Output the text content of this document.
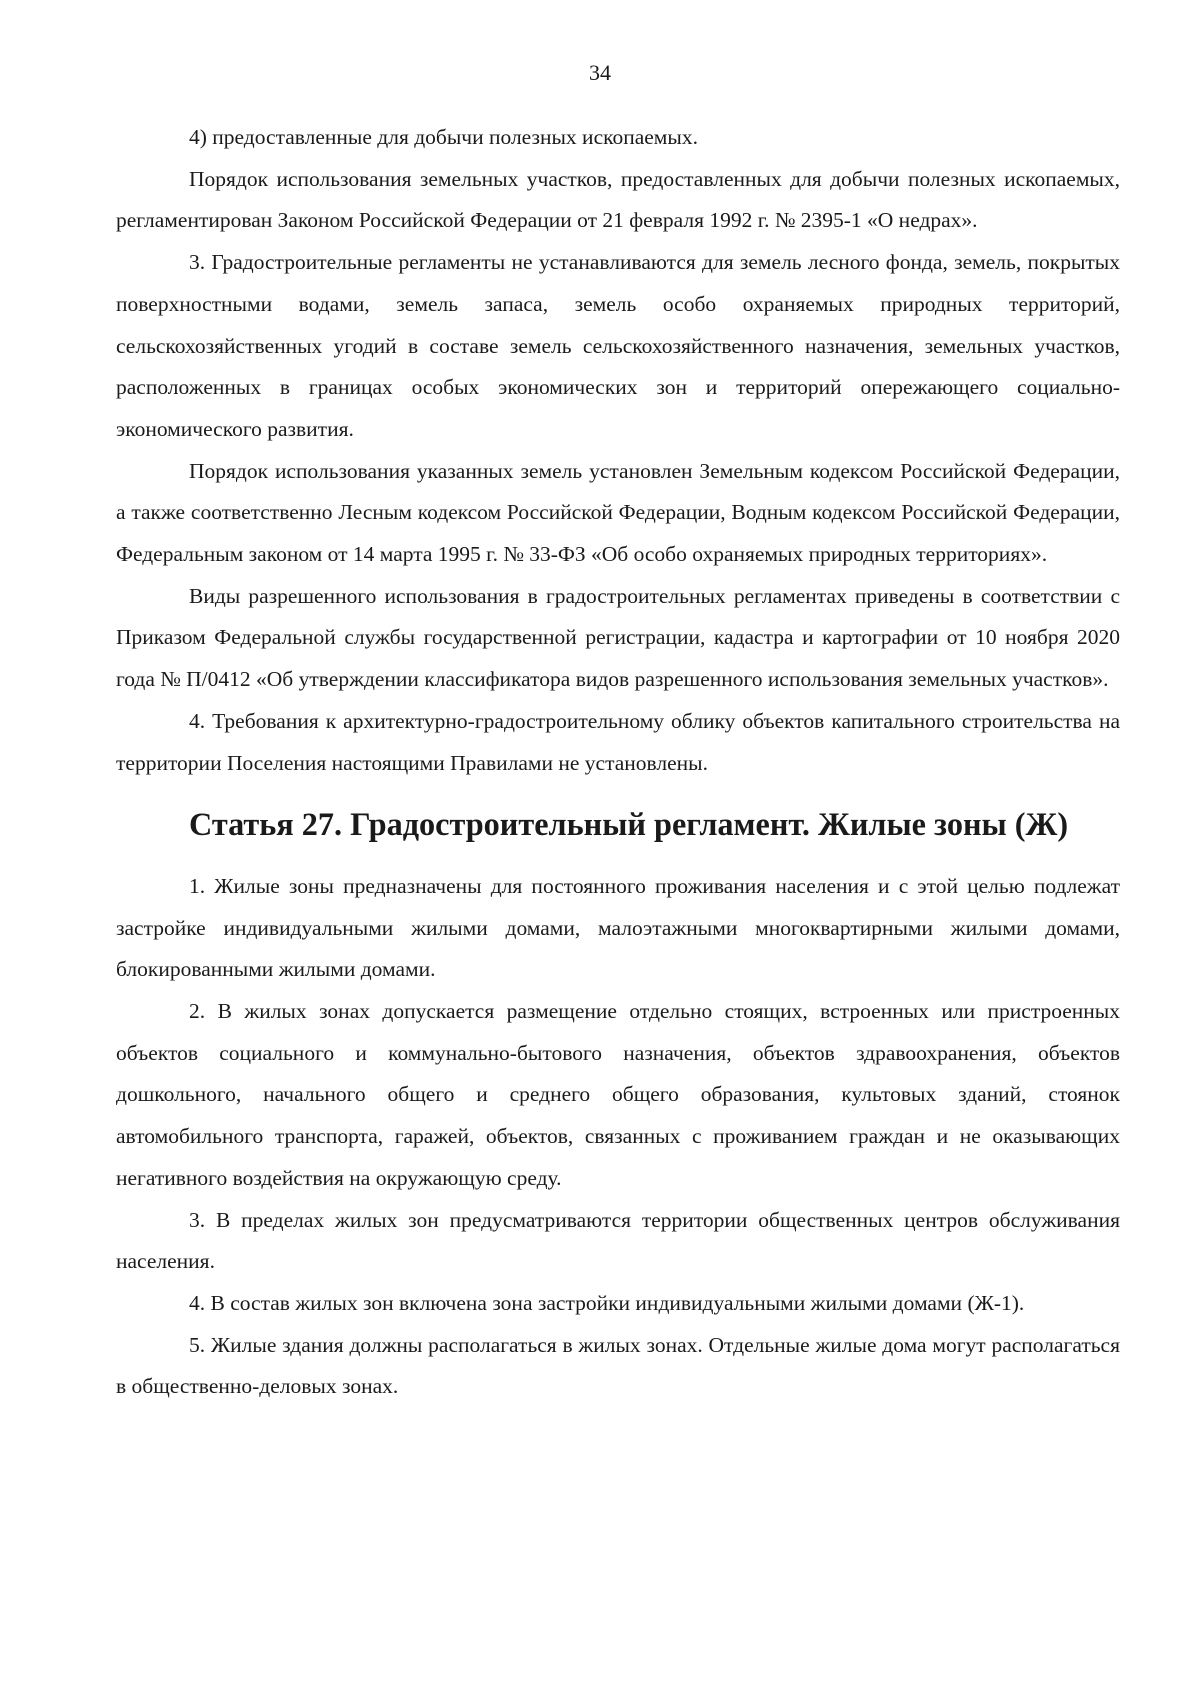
34

4) предоставленные для добычи полезных ископаемых.

Порядок использования земельных участков, предоставленных для добычи полезных ископаемых, регламентирован Законом Российской Федерации от 21 февраля 1992 г. № 2395-1 «О недрах».

3. Градостроительные регламенты не устанавливаются для земель лесного фонда, земель, покрытых поверхностными водами, земель запаса, земель особо охраняемых природных территорий, сельскохозяйственных угодий в составе земель сельскохозяйственного назначения, земельных участков, расположенных в границах особых экономических зон и территорий опережающего социально-экономического развития.

Порядок использования указанных земель установлен Земельным кодексом Российской Федерации, а также соответственно Лесным кодексом Российской Федерации, Водным кодексом Российской Федерации, Федеральным законом от 14 марта 1995 г. № 33-ФЗ «Об особо охраняемых природных территориях».

Виды разрешенного использования в градостроительных регламентах приведены в соответствии с Приказом Федеральной службы государственной регистрации, кадастра и картографии от 10 ноября 2020 года № П/0412 «Об утверждении классификатора видов разрешенного использования земельных участков».

4. Требования к архитектурно-градостроительному облику объектов капитального строительства на территории Поселения настоящими Правилами не установлены.

Статья 27. Градостроительный регламент. Жилые зоны (Ж)

1. Жилые зоны предназначены для постоянного проживания населения и с этой целью подлежат застройке индивидуальными жилыми домами, малоэтажными многоквартирными жилыми домами, блокированными жилыми домами.

2. В жилых зонах допускается размещение отдельно стоящих, встроенных или пристроенных объектов социального и коммунально-бытового назначения, объектов здравоохранения, объектов дошкольного, начального общего и среднего общего образования, культовых зданий, стоянок автомобильного транспорта, гаражей, объектов, связанных с проживанием граждан и не оказывающих негативного воздействия на окружающую среду.

3. В пределах жилых зон предусматриваются территории общественных центров обслуживания населения.

4. В состав жилых зон включена зона застройки индивидуальными жилыми домами (Ж-1).

5. Жилые здания должны располагаться в жилых зонах. Отдельные жилые дома могут располагаться в общественно-деловых зонах.
